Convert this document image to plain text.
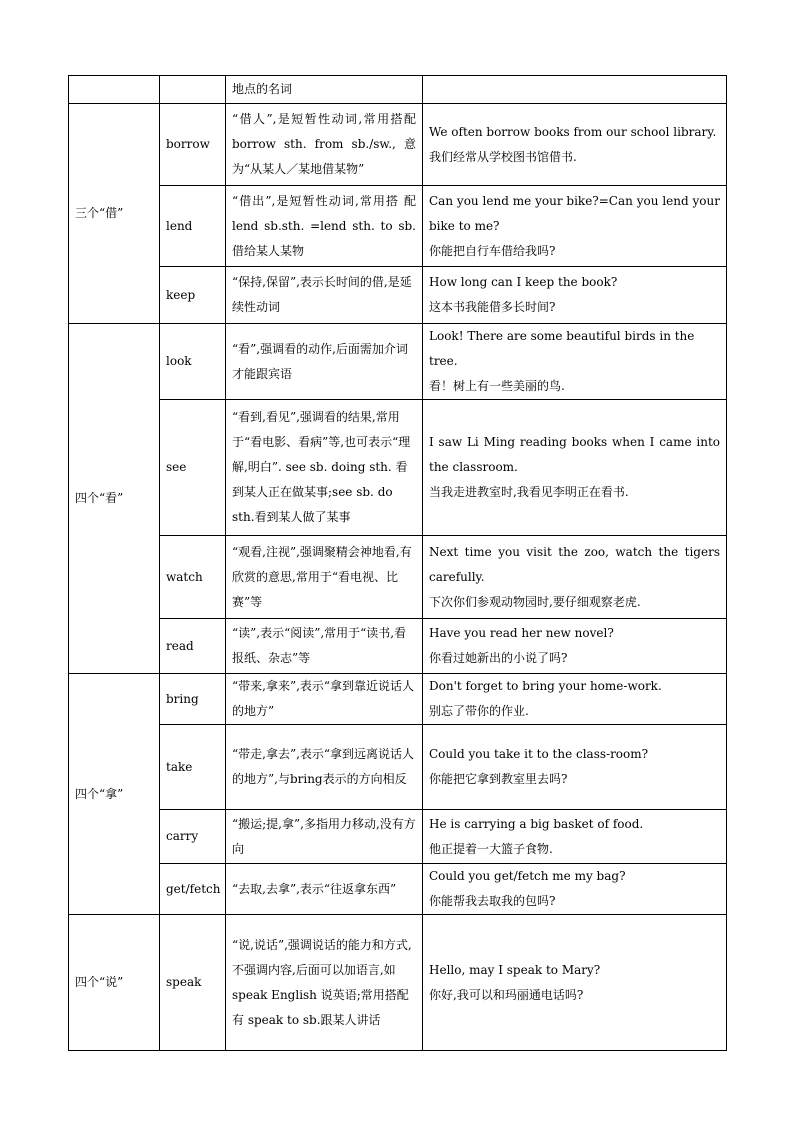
		地点的名词	
三个“借”	borrow	“借人”,是短暂性动词,常用搭配 borrow sth. from sb./sw., 意为“从某人／某地借某物”	We often borrow books from our school library.
我们经常从学校图书馆借书.

	lend	“借出”,是短暂性动词,常用搭 配 lend sb.sth. =lend sth. to sb.借给某人某物	Can you lend me your bike?=Can you lend your bike to me?
你能把自行车借给我吗?

	keep	“保持,保留”,表示长时间的借,是延续性动词	How long can I keep the book?
这本书我能借多长时间?

四个“看”	look	“看”,强调看的动作,后面需加介词才能跟宾语	Look! There are some beautiful birds in the tree.
看！树上有一些美丽的鸟.

	see	“看到,看见”,强调看的结果,常用于“看电影、看病”等,也可表示“理解,明白”. see sb. doing sth. 看到某人正在做某事;see sb. do sth.看到某人做了某事	I saw Li Ming reading books when I came into the classroom.
当我走进教室时,我看见李明正在看书.

	watch	“观看,注视”,强调聚精会神地看,有欣赏的意思,常用于“看电视、比赛”等	Next time you visit the zoo, watch the tigers carefully.
下次你们参观动物园时,要仔细观察老虎.

	read	“读”,表示“阅读”,常用于“读书,看报纸、杂志”等	Have you read her new novel?
你看过她新出的小说了吗?

四个“拿”	bring	“带来,拿来”,表示“拿到靠近说话人的地方”	Don't forget to bring your home-work.
别忘了带你的作业.

	take	“带走,拿去”,表示“拿到远离说话人的地方”,与bring表示的方向相反	Could you take it to the class-room?
你能把它拿到教室里去吗?

	carry	“搬运;提,拿”,多指用力移动,没有方向	He is carrying a big basket of food.
他正提着一大篮子食物.

	get/fetch	“去取,去拿”,表示“往返拿东西”	Could you get/fetch me my bag?
你能帮我去取我的包吗?

四个“说”	speak	“说,说话”,强调说话的能力和方式,不强调内容,后面可以加语言,如 speak English 说英语;常用搭配有 speak to sb.跟某人讲话	Hello, may I speak to Mary?
你好,我可以和玛丽通电话吗?
